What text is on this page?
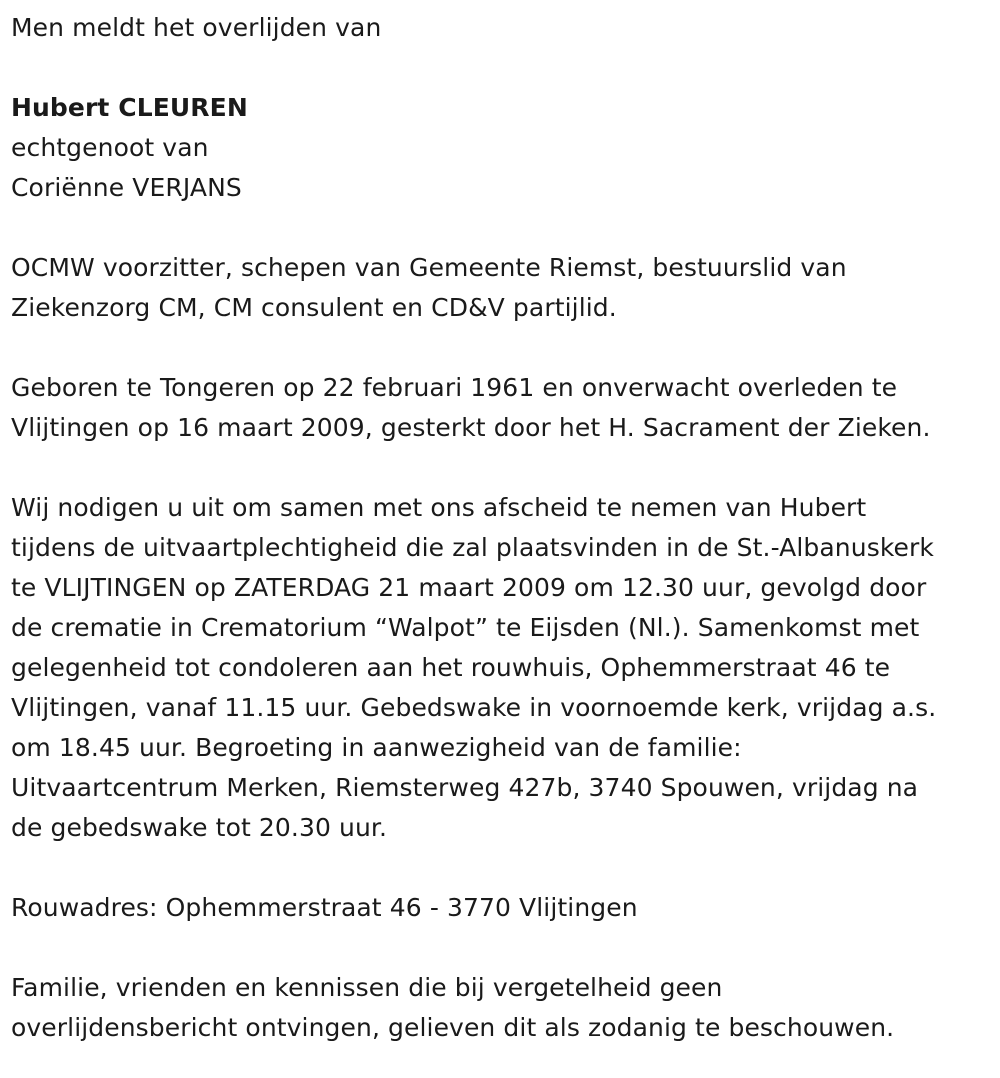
Men meldt het overlijden van
Hubert CLEUREN
echtgenoot van
Coriënne VERJANS
OCMW voorzitter, schepen van Gemeente Riemst, bestuurslid van
Ziekenzorg CM, CM consulent en CD&V partijlid.
Geboren te Tongeren op 22 februari 1961 en onverwacht overleden te
Vlijtingen op 16 maart 2009, gesterkt door het H. Sacrament der Zieken.
Wij nodigen u uit om samen met ons afscheid te nemen van Hubert
tijdens de uitvaartplechtigheid die zal plaatsvinden in de St.-Albanuskerk
te VLIJTINGEN op ZATERDAG 21 maart 2009 om 12.30 uur, gevolgd door
de crematie in Crematorium “Walpot” te Eijsden (Nl.). Samenkomst met
gelegenheid tot condoleren aan het rouwhuis, Ophemmerstraat 46 te
Vlijtingen, vanaf 11.15 uur. Gebedswake in voornoemde kerk, vrijdag a.s.
om 18.45 uur. Begroeting in aanwezigheid van de familie:
Uitvaartcentrum Merken, Riemsterweg 427b, 3740 Spouwen, vrijdag na
de gebedswake tot 20.30 uur.
Rouwadres: Ophemmerstraat 46 - 3770 Vlijtingen
Familie, vrienden en kennissen die bij vergetelheid geen
overlijdensbericht ontvingen, gelieven dit als zodanig te beschouwen.
